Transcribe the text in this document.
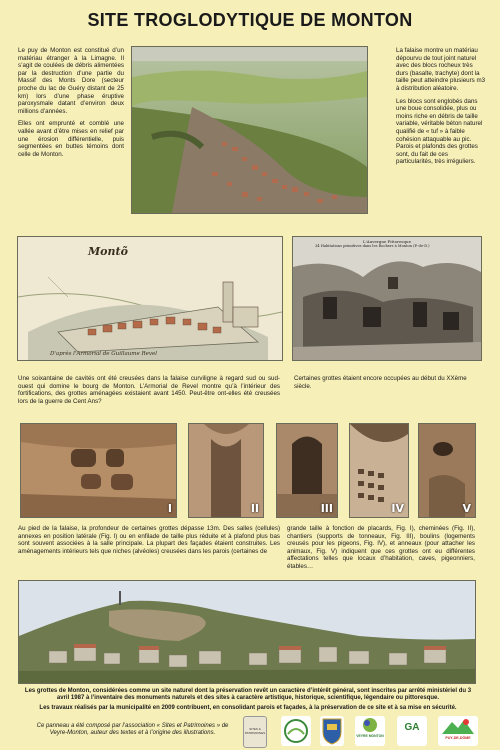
SITE TROGLODYTIQUE DE MONTON

Le puy de Monton est constitué d’un matériau étranger à la Limagne. Il s’agit de coulées de débris alimentées par la destruction d’une partie du Massif des Monts Dore (secteur proche du lac de Guéry distant de 25 km) lors d’une phase éruptive paroxysmale datant d’environ deux millions d’années.

Elles ont emprunté et comblé une vallée avant d’être mises en relief par une érosion différentielle, puis segmentées en buttes témoins dont celle de Monton.

La falaise montre un matériau dépourvu de tout joint naturel avec des blocs rocheux très durs (basalte, trachyte) dont la taille peut atteindre plusieurs m3 à distribution aléatoire.

Les blocs sont englobés dans une boue consolidée, plus ou moins riche en débris de taille variable, véritable béton naturel qualifié de « tuf » à faible cohésion attaquable au pic. Parois et plafonds des grottes sont, du fait de ces particularités, très irréguliers.

Montõ
D'après l'Armorial de Guillaume Revel
L'Auvergne Pittoresque
34 Habitations primitives dans les Rochers à Monton (P.-de-D.)
Une soixantaine de cavités ont été creusées dans la falaise curviligne à regard sud ou sud-ouest qui domine le bourg de Monton. L’Armorial de Revel montre qu’à l’intérieur des fortifications, des grottes aménagées existaient avant 1450. Peut-être ont-elles été creusées lors de la guerre de Cent Ans?
Certaines grottes étaient encore occupées au début du XXème siècle.
I	II	III	IV	V
Au pied de la falaise, la profondeur de certaines grottes dépasse 13m. Des salles (cellules) annexes en position latérale (Fig. I) ou en enfilade de taille plus réduite et à plafond plus bas sont souvent associées à la salle principale. La plupart des façades étaient construites. Les aménagements intérieurs tels que niches (alvéoles) creusées dans les parois (certaines de
grande taille à fonction de placards, Fig. I), cheminées (Fig. II), chantiers (supports de tonneaux, Fig. III), boulins (logements creusés pour les pigeons, Fig. IV), et anneaux (pour attacher les animaux, Fig. V) indiquent que ces grottes ont eu différentes affectations telles que locaux d’habitation, caves, pigeonniers, étables…
Les grottes de Monton, considérées comme un site naturel dont la préservation revêt un caractère d’intérêt général, sont inscrites par arrêté ministériel du 3 avril 1987 à l’inventaire des monuments naturels et des sites à caractère artistique, historique, scientifique, légendaire ou pittoresque.
Les travaux réalisés par la municipalité en 2009 contribuent, en consolidant parois et façades, à la préservation de ce site et à sa mise en sécurité.
Ce panneau a été composé par l’association « Sites et Patrimoines » de Veyre-Monton, auteur des textes et à l’origine des illustrations.
SITES & PATRIMOINES
VEYRE MONTON
GA
PUY-DE-DÔME
